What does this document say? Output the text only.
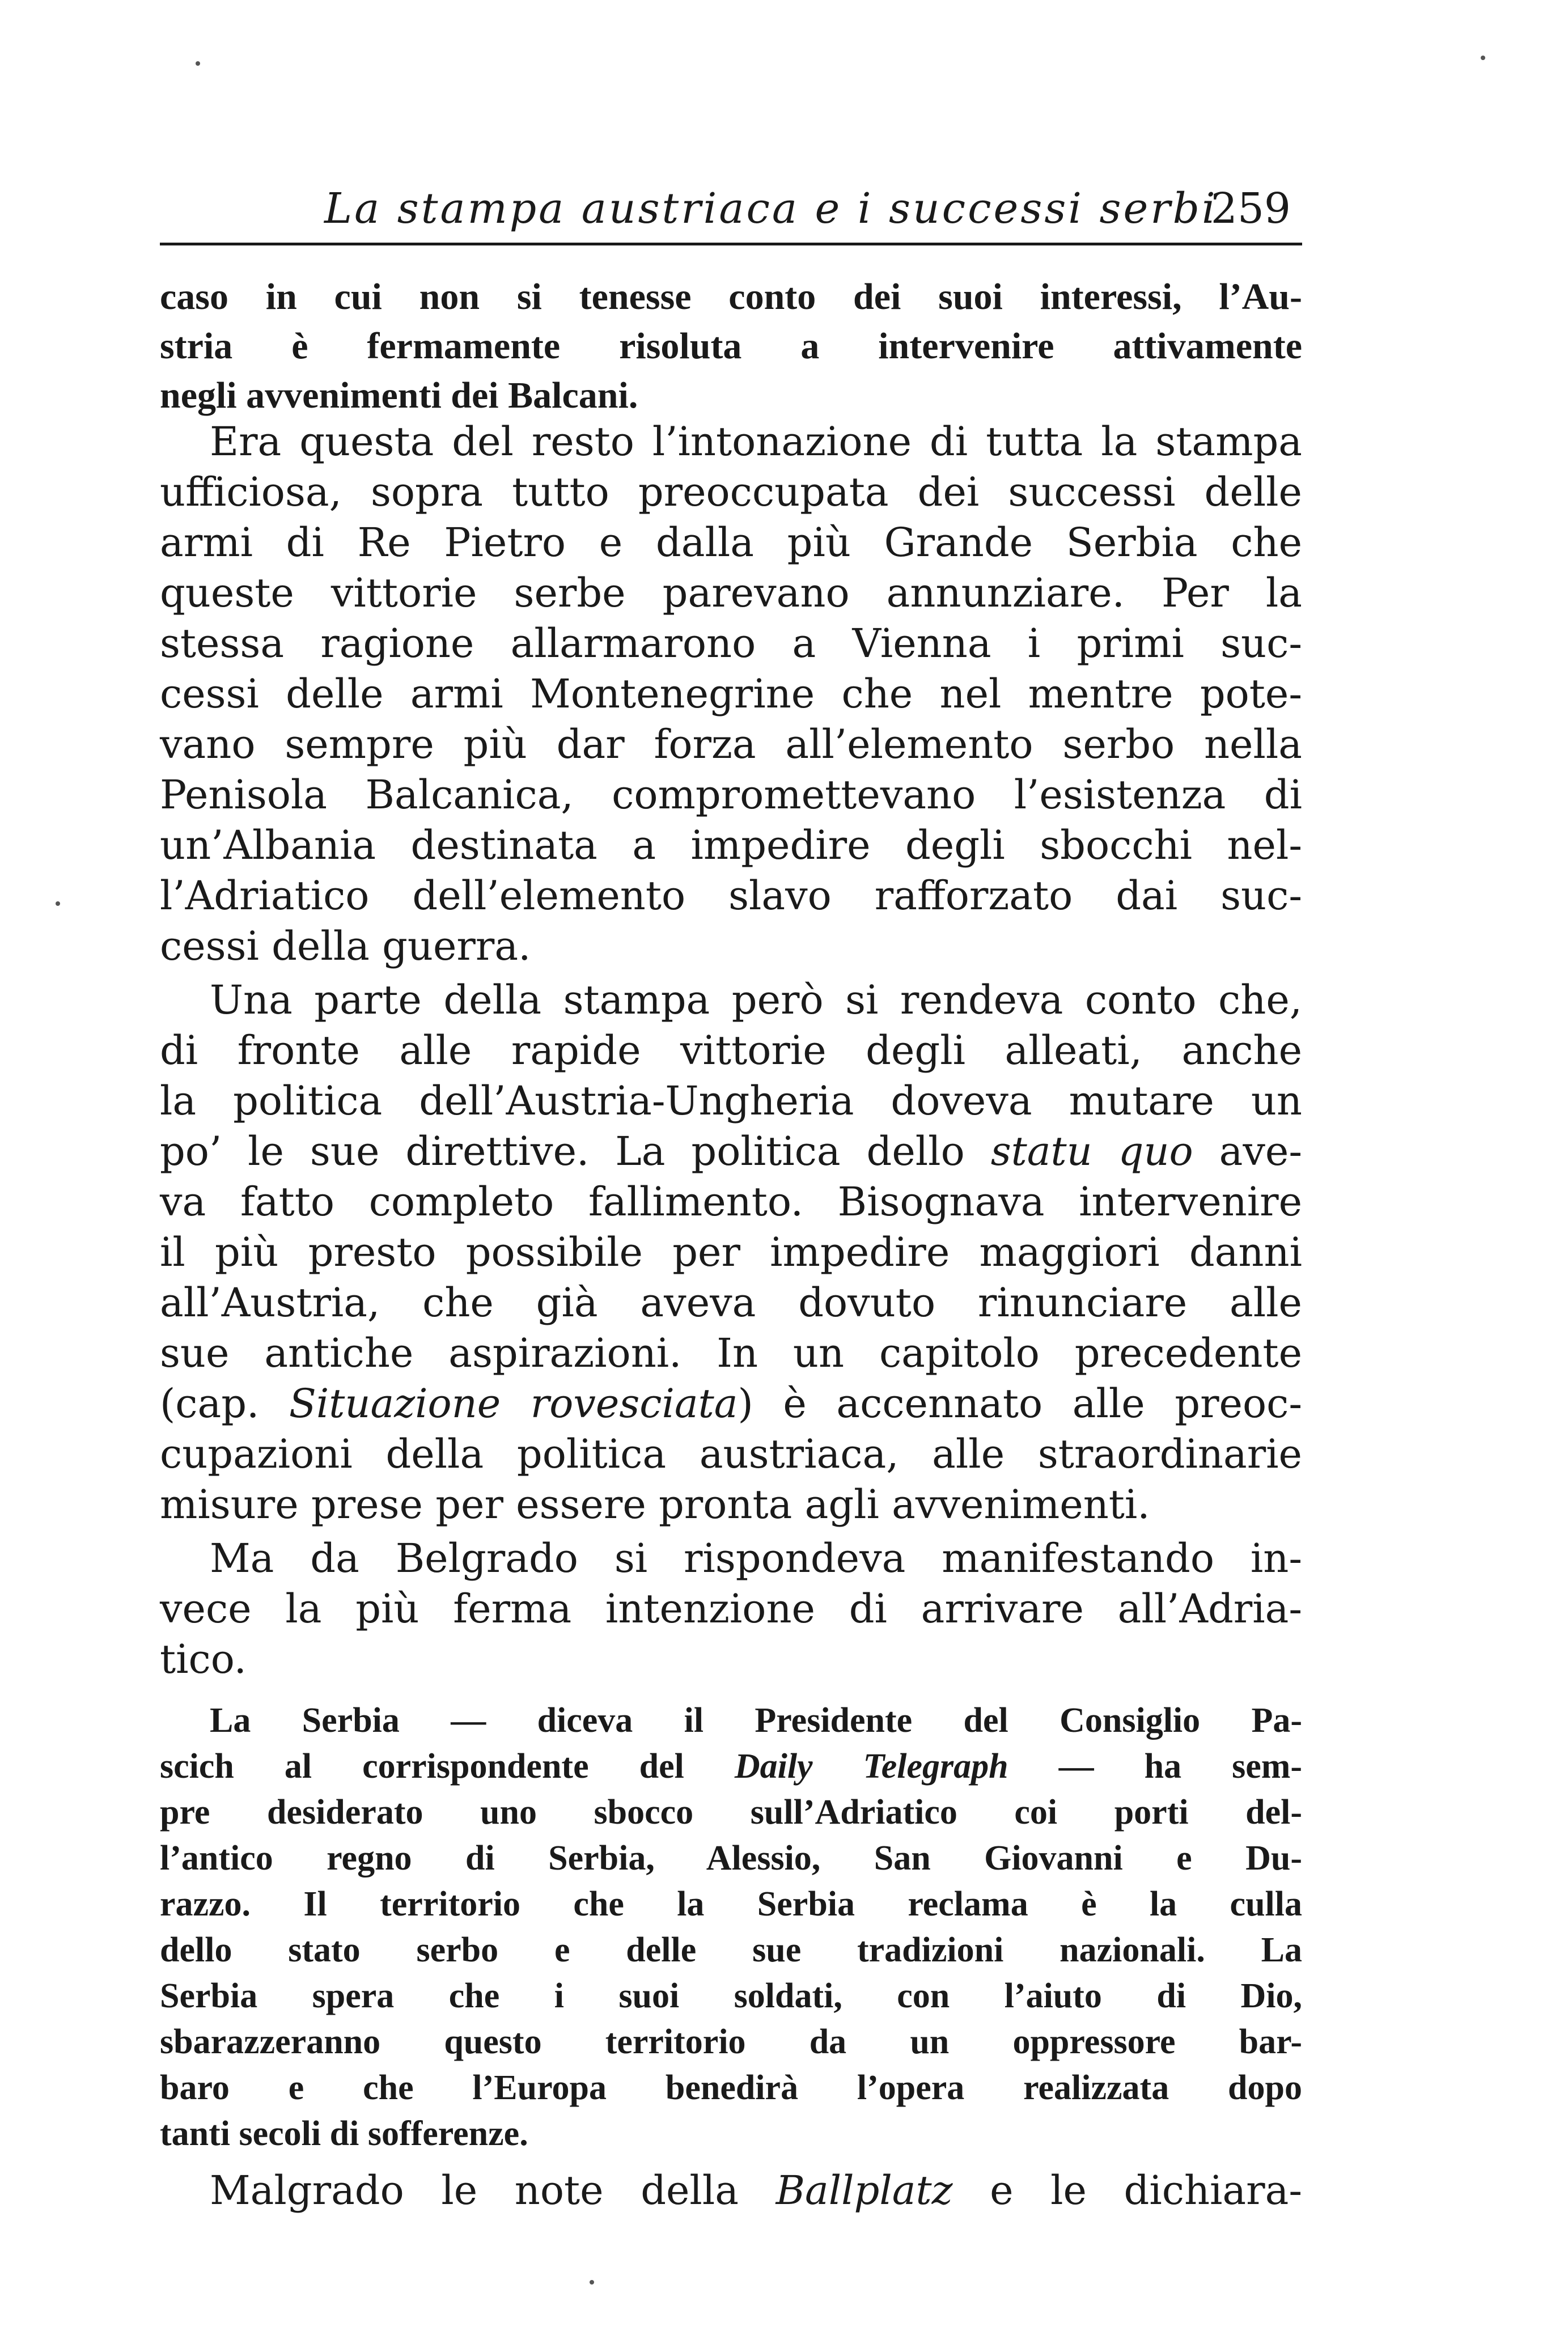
La stampa austriaca e i successi serbi
259
caso in cui non si tenesse conto dei suoi interessi, l’Au-
stria è fermamente risoluta a intervenire attivamente
negli avvenimenti dei Balcani.
Era questa del resto l’intonazione di tutta la stampa
ufficiosa, sopra tutto preoccupata dei successi delle
armi di Re Pietro e dalla più Grande Serbia che
queste vittorie serbe parevano annunziare. Per la
stessa ragione allarmarono a Vienna i primi suc-
cessi delle armi Montenegrine che nel mentre pote-
vano sempre più dar forza all’elemento serbo nella
Penisola Balcanica, compromettevano l’esistenza di
un’Albania destinata a impedire degli sbocchi nel-
l’Adriatico dell’elemento slavo rafforzato dai suc-
cessi della guerra.
Una parte della stampa però si rendeva conto che,
di fronte alle rapide vittorie degli alleati, anche
la politica dell’Austria-Ungheria doveva mutare un
po’ le sue direttive. La politica dello statu quo ave-
va fatto completo fallimento. Bisognava intervenire
il più presto possibile per impedire maggiori danni
all’Austria, che già aveva dovuto rinunciare alle
sue antiche aspirazioni. In un capitolo precedente
(cap. Situazione rovesciata) è accennato alle preoc-
cupazioni della politica austriaca, alle straordinarie
misure prese per essere pronta agli avvenimenti.
Ma da Belgrado si rispondeva manifestando in-
vece la più ferma intenzione di arrivare all’Adria-
tico.
La Serbia — diceva il Presidente del Consiglio Pa-
scich al corrispondente del Daily Telegraph — ha sem-
pre desiderato uno sbocco sull’Adriatico coi porti del-
l’antico regno di Serbia, Alessio, San Giovanni e Du-
razzo. Il territorio che la Serbia reclama è la culla
dello stato serbo e delle sue tradizioni nazionali. La
Serbia spera che i suoi soldati, con l’aiuto di Dio,
sbarazzeranno questo territorio da un oppressore bar-
baro e che l’Europa benedirà l’opera realizzata dopo
tanti secoli di sofferenze.
Malgrado le note della Ballplatz e le dichiara-
